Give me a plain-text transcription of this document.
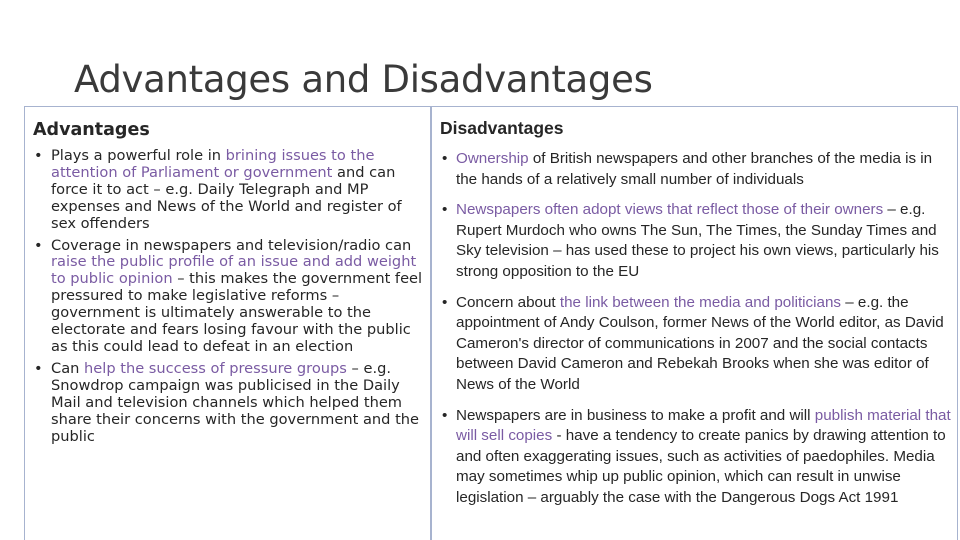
Advantages and Disadvantages
Advantages	Disadvantages
• Plays a powerful role in brining issues to the attention of Parliament or government and can force it to act – e.g. Daily Telegraph and MP expenses and News of the World and register of sex offenders
• Coverage in newspapers and television/radio can raise the public profile of an issue and add weight to public opinion – this makes the government feel pressured to make legislative reforms – government is ultimately answerable to the electorate and fears losing favour with the public as this could lead to defeat in an election
• Can help the success of pressure groups – e.g. Snowdrop campaign was publicised in the Daily Mail and television channels which helped them share their concerns with the government and the public
• Ownership of British newspapers and other branches of the media is in the hands of a relatively small number of individuals
• Newspapers often adopt views that reflect those of their owners – e.g. Rupert Murdoch who owns The Sun, The Times, the Sunday Times and Sky television – has used these to project his own views, particularly his strong opposition to the EU
• Concern about the link between the media and politicians – e.g. the appointment of Andy Coulson, former News of the World editor, as David Cameron's director of communications in 2007 and the social contacts between David Cameron and Rebekah Brooks when she was editor of News of the World
• Newspapers are in business to make a profit and will publish material that will sell copies - have a tendency to create panics by drawing attention to and often exaggerating issues, such as activities of paedophiles. Media may sometimes whip up public opinion, which can result in unwise legislation – arguably the case with the Dangerous Dogs Act 1991
